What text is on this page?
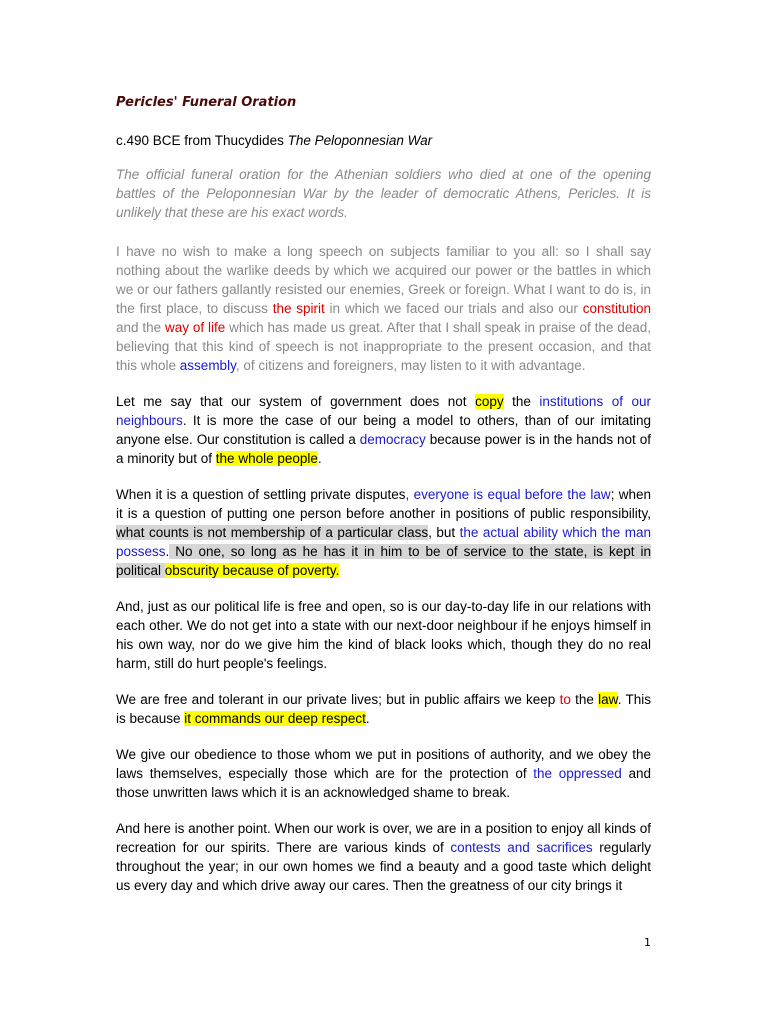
Pericles' Funeral Oration

c.490 BCE from Thucydides The Peloponnesian War

The official funeral oration for the Athenian soldiers who died at one of the opening battles of the Peloponnesian War by the leader of democratic Athens, Pericles. It is unlikely that these are his exact words.

I have no wish to make a long speech on subjects familiar to you all: so I shall say nothing about the warlike deeds by which we acquired our power or the battles in which we or our fathers gallantly resisted our enemies, Greek or foreign. What I want to do is, in the first place, to discuss the spirit in which we faced our trials and also our constitution and the way of life which has made us great. After that I shall speak in praise of the dead, believing that this kind of speech is not inappropriate to the present occasion, and that this whole assembly, of citizens and foreigners, may listen to it with advantage.

Let me say that our system of government does not copy the institutions of our neighbours. It is more the case of our being a model to others, than of our imitating anyone else. Our constitution is called a democracy because power is in the hands not of a minority but of the whole people.

When it is a question of settling private disputes, everyone is equal before the law; when it is a question of putting one person before another in positions of public responsibility, what counts is not membership of a particular class, but the actual ability which the man possess. No one, so long as he has it in him to be of service to the state, is kept in political obscurity because of poverty.

And, just as our political life is free and open, so is our day-to-day life in our relations with each other. We do not get into a state with our next-door neighbour if he enjoys himself in his own way, nor do we give him the kind of black looks which, though they do no real harm, still do hurt people's feelings.

We are free and tolerant in our private lives; but in public affairs we keep to the law. This is because it commands our deep respect.

We give our obedience to those whom we put in positions of authority, and we obey the laws themselves, especially those which are for the protection of the oppressed and those unwritten laws which it is an acknowledged shame to break.

And here is another point. When our work is over, we are in a position to enjoy all kinds of recreation for our spirits. There are various kinds of contests and sacrifices regularly throughout the year; in our own homes we find a beauty and a good taste which delight us every day and which drive away our cares. Then the greatness of our city brings it

1
